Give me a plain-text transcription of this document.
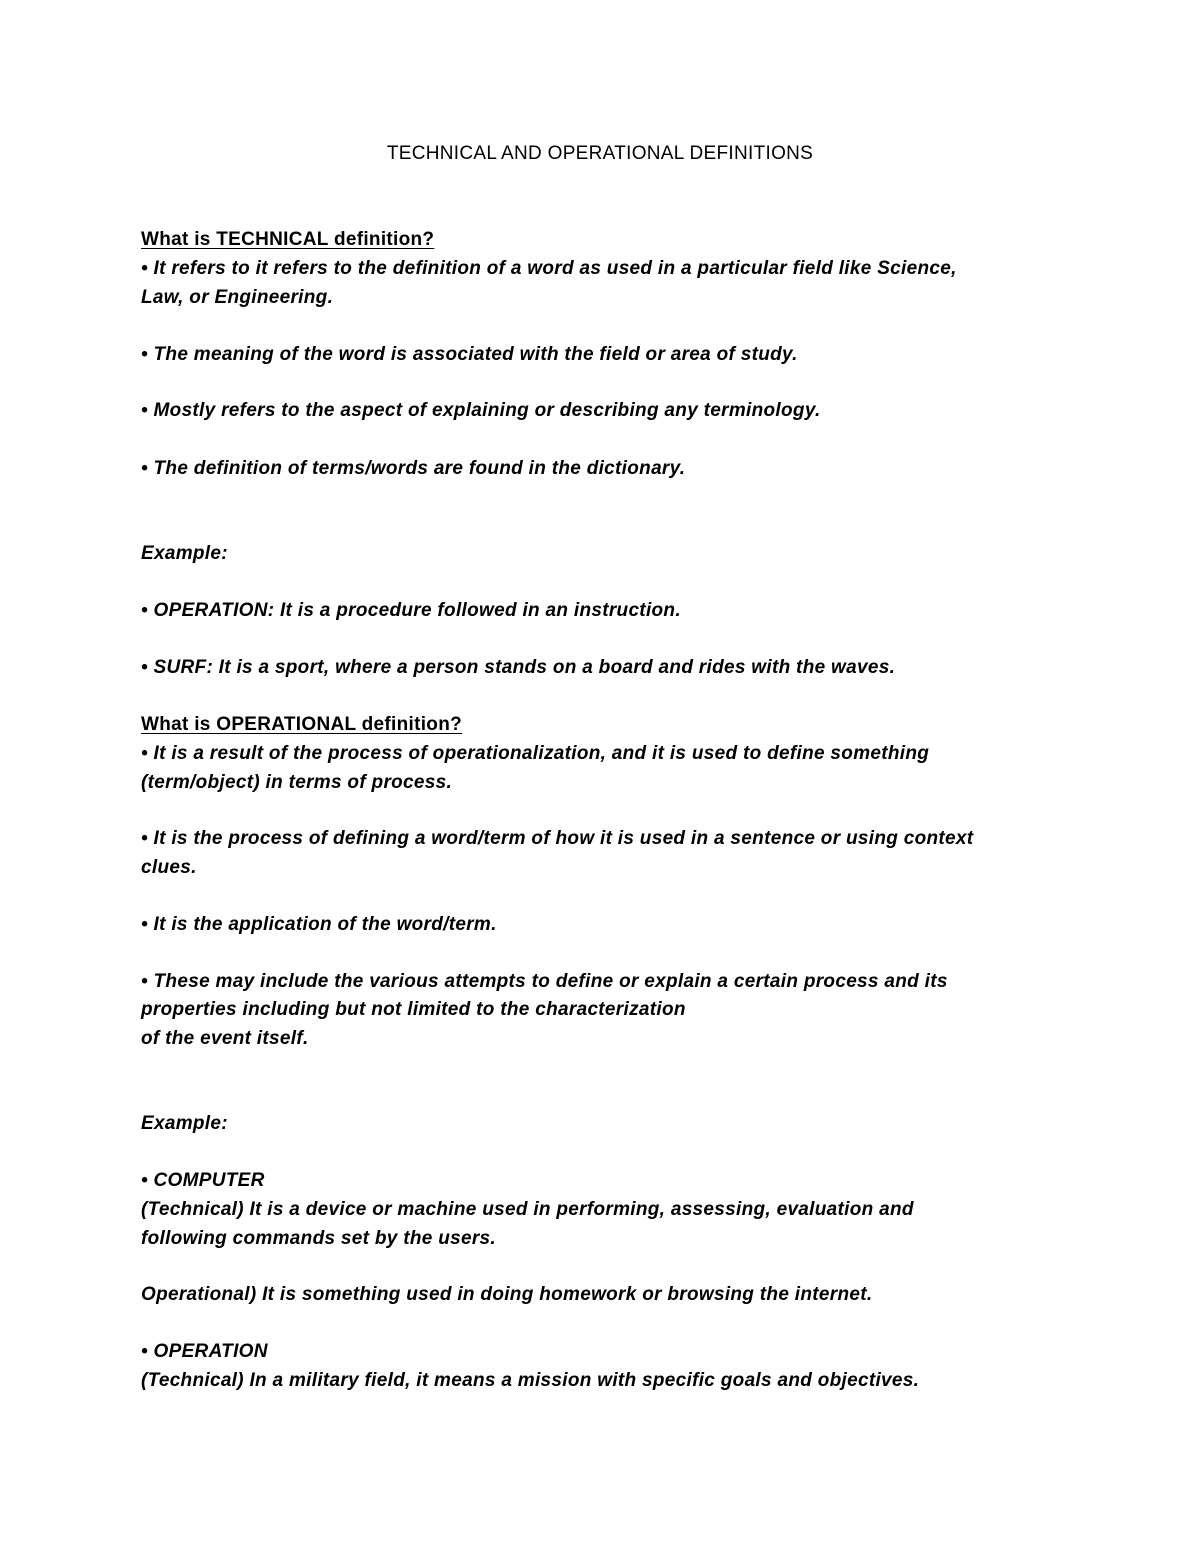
TECHNICAL AND OPERATIONAL DEFINITIONS
What is TECHNICAL definition?
• It refers to it refers to the definition of a word as used in a particular field like Science,
Law, or Engineering.
• The meaning of the word is associated with the field or area of study.
• Mostly refers to the aspect of explaining or describing any terminology.
• The definition of terms/words are found in the dictionary.
Example:
• OPERATION: It is a procedure followed in an instruction.
• SURF: It is a sport, where a person stands on a board and rides with the waves.
What is OPERATIONAL definition?
• It is a result of the process of operationalization, and it is used to define something
(term/object) in terms of process.
• It is the process of defining a word/term of how it is used in a sentence or using context
clues.
• It is the application of the word/term.
• These may include the various attempts to define or explain a certain process and its
properties including but not limited to the characterization
of the event itself.
Example:
• COMPUTER
(Technical) It is a device or machine used in performing, assessing, evaluation and
following commands set by the users.
Operational) It is something used in doing homework or browsing the internet.
• OPERATION
(Technical) In a military field, it means a mission with specific goals and objectives.
